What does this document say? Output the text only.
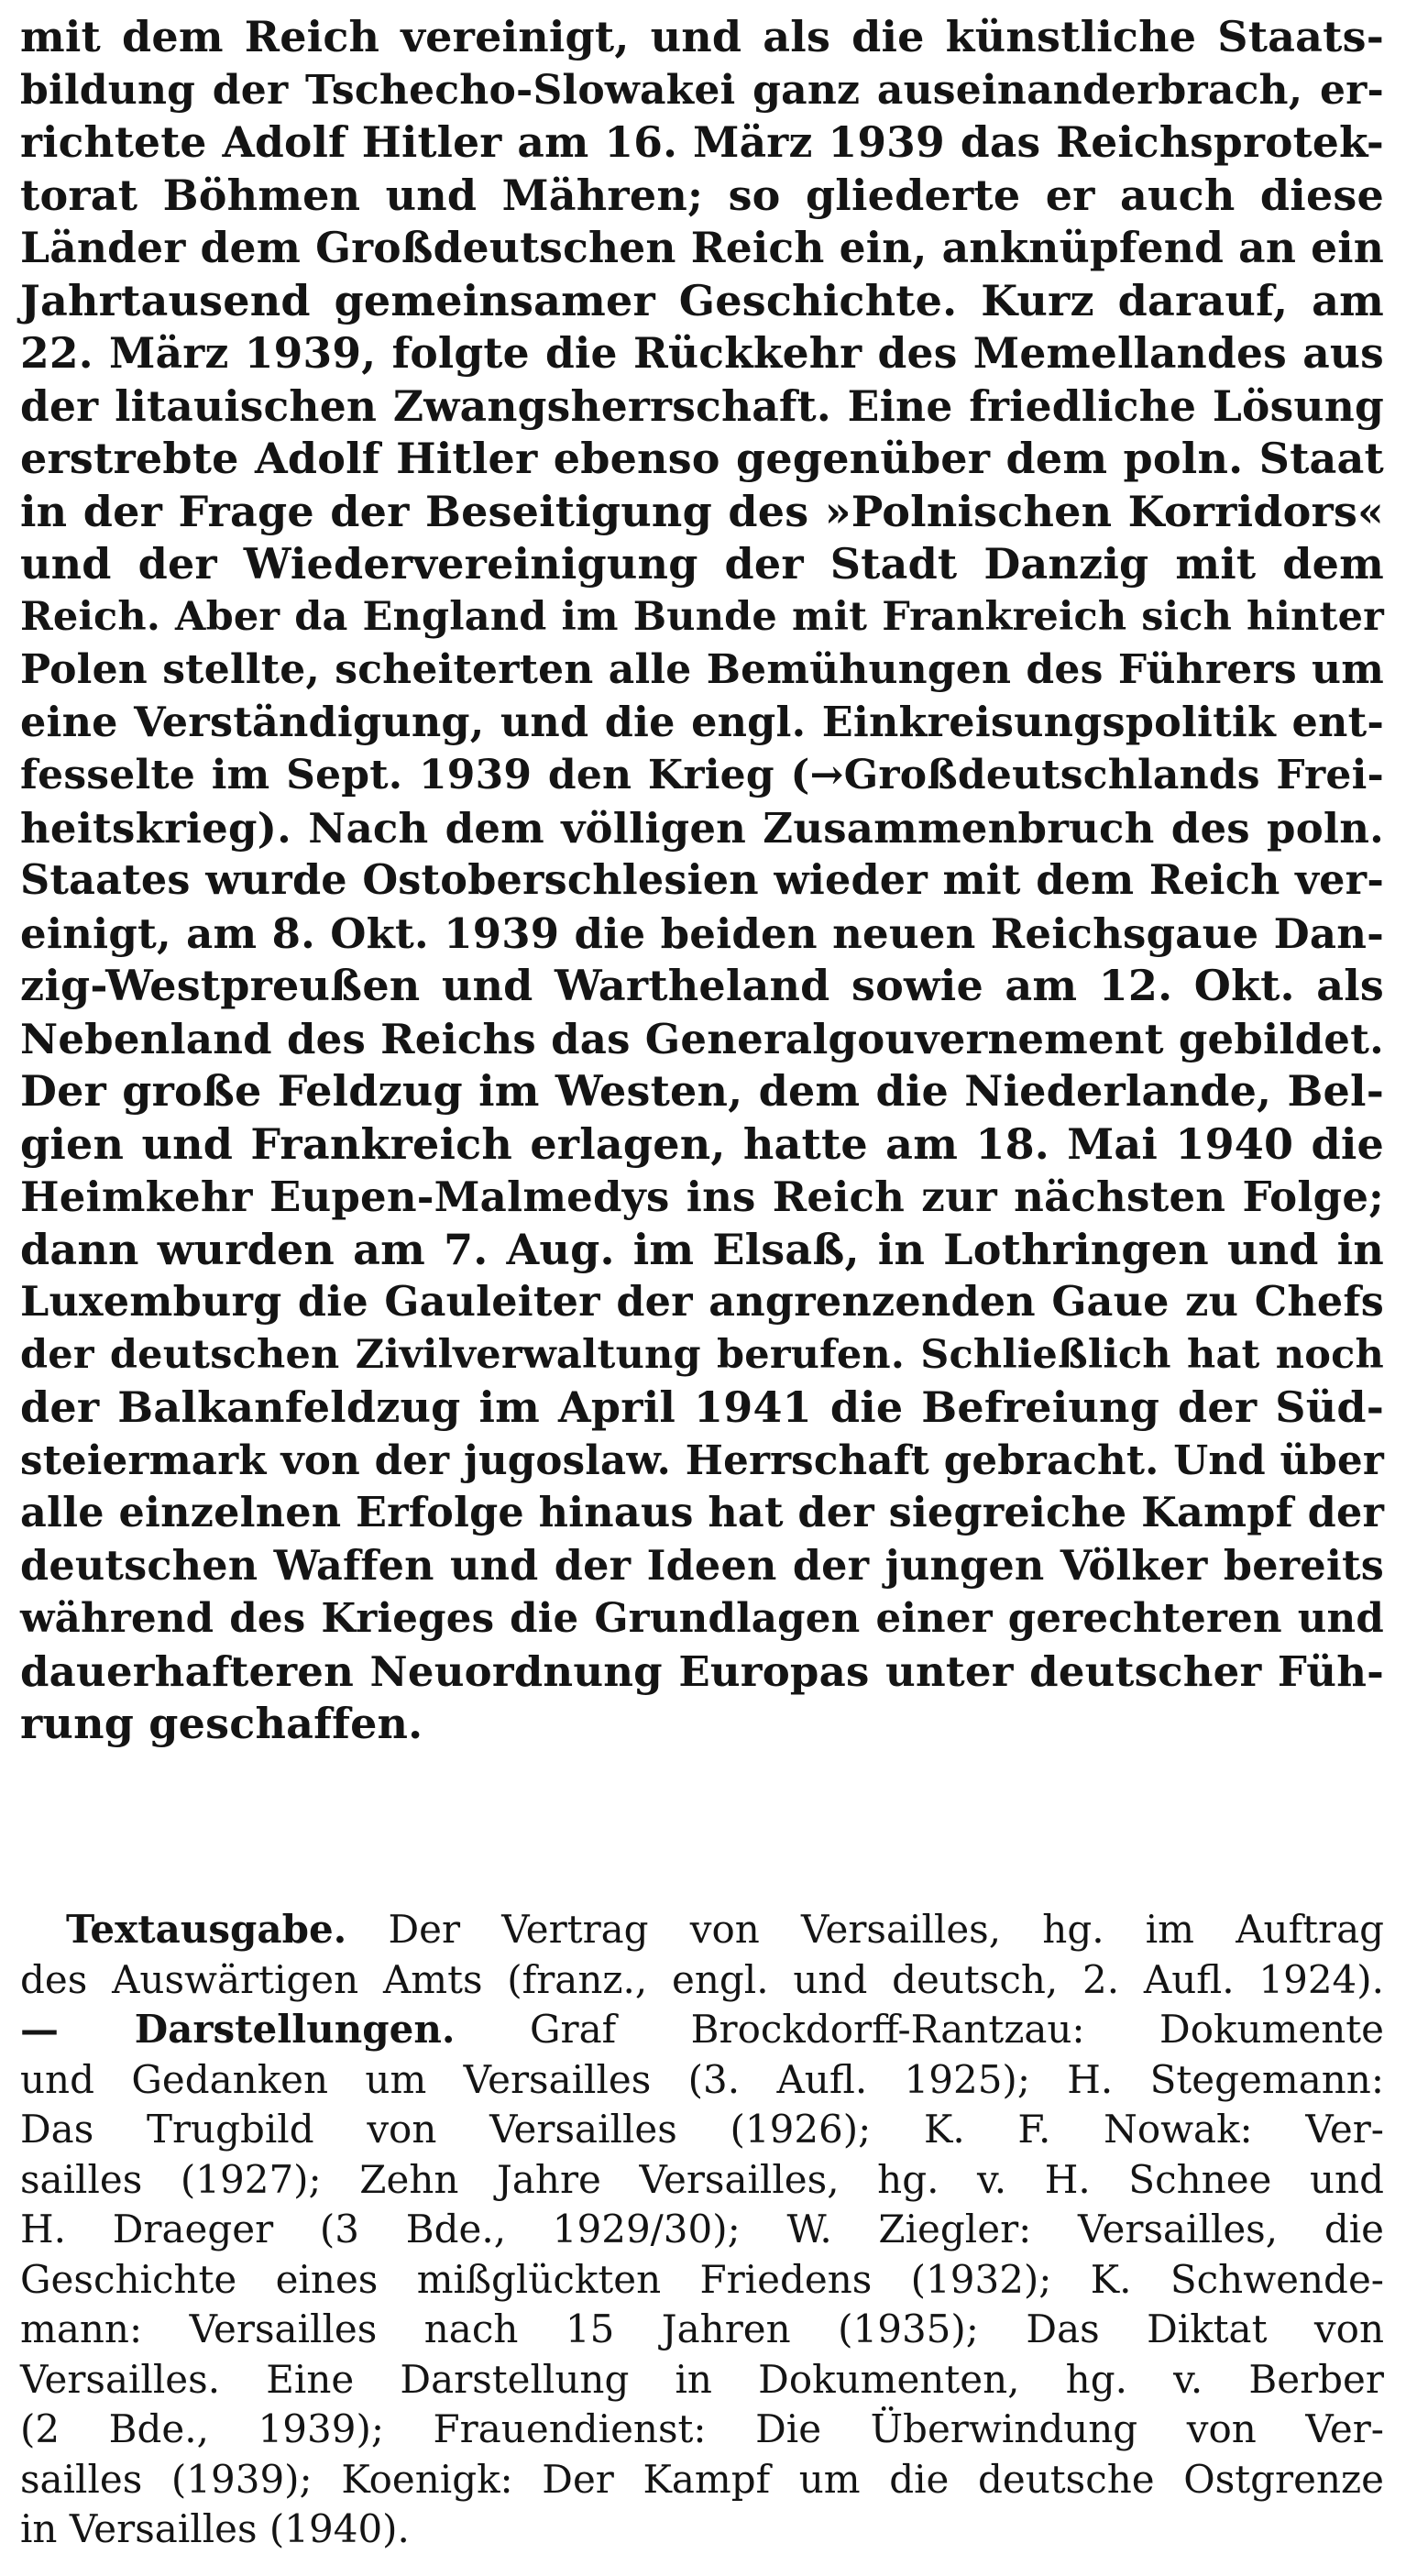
mit dem Reich vereinigt, und als die künstliche Staats-
bildung der Tschecho-Slowakei ganz auseinanderbrach, er-
richtete Adolf Hitler am 16. März 1939 das Reichsprotek-
torat Böhmen und Mähren; so gliederte er auch diese
Länder dem Großdeutschen Reich ein, anknüpfend an ein
Jahrtausend gemeinsamer Geschichte. Kurz darauf, am
22. März 1939, folgte die Rückkehr des Memellandes aus
der litauischen Zwangsherrschaft. Eine friedliche Lösung
erstrebte Adolf Hitler ebenso gegenüber dem poln. Staat
in der Frage der Beseitigung des »Polnischen Korridors«
und der Wiedervereinigung der Stadt Danzig mit dem
Reich. Aber da England im Bunde mit Frankreich sich hinter
Polen stellte, scheiterten alle Bemühungen des Führers um
eine Verständigung, und die engl. Einkreisungspolitik ent-
fesselte im Sept. 1939 den Krieg (→Großdeutschlands Frei-
heitskrieg). Nach dem völligen Zusammenbruch des poln.
Staates wurde Ostoberschlesien wieder mit dem Reich ver-
einigt, am 8. Okt. 1939 die beiden neuen Reichsgaue Dan-
zig-Westpreußen und Wartheland sowie am 12. Okt. als
Nebenland des Reichs das Generalgouvernement gebildet.
Der große Feldzug im Westen, dem die Niederlande, Bel-
gien und Frankreich erlagen, hatte am 18. Mai 1940 die
Heimkehr Eupen-Malmedys ins Reich zur nächsten Folge;
dann wurden am 7. Aug. im Elsaß, in Lothringen und in
Luxemburg die Gauleiter der angrenzenden Gaue zu Chefs
der deutschen Zivilverwaltung berufen. Schließlich hat noch
der Balkanfeldzug im April 1941 die Befreiung der Süd-
steiermark von der jugoslaw. Herrschaft gebracht. Und über
alle einzelnen Erfolge hinaus hat der siegreiche Kampf der
deutschen Waffen und der Ideen der jungen Völker bereits
während des Krieges die Grundlagen einer gerechteren und
dauerhafteren Neuordnung Europas unter deutscher Füh-
rung geschaffen.
Textausgabe. Der Vertrag von Versailles, hg. im Auftrag
des Auswärtigen Amts (franz., engl. und deutsch, 2. Aufl. 1924).
— Darstellungen. Graf Brockdorff-Rantzau: Dokumente
und Gedanken um Versailles (3. Aufl. 1925); H. Stegemann:
Das Trugbild von Versailles (1926); K. F. Nowak: Ver-
sailles (1927); Zehn Jahre Versailles, hg. v. H. Schnee und
H. Draeger (3 Bde., 1929/30); W. Ziegler: Versailles, die
Geschichte eines mißglückten Friedens (1932); K. Schwende-
mann: Versailles nach 15 Jahren (1935); Das Diktat von
Versailles. Eine Darstellung in Dokumenten, hg. v. Berber
(2 Bde., 1939); Frauendienst: Die Überwindung von Ver-
sailles (1939); Koenigk: Der Kampf um die deutsche Ostgrenze
in Versailles (1940).
